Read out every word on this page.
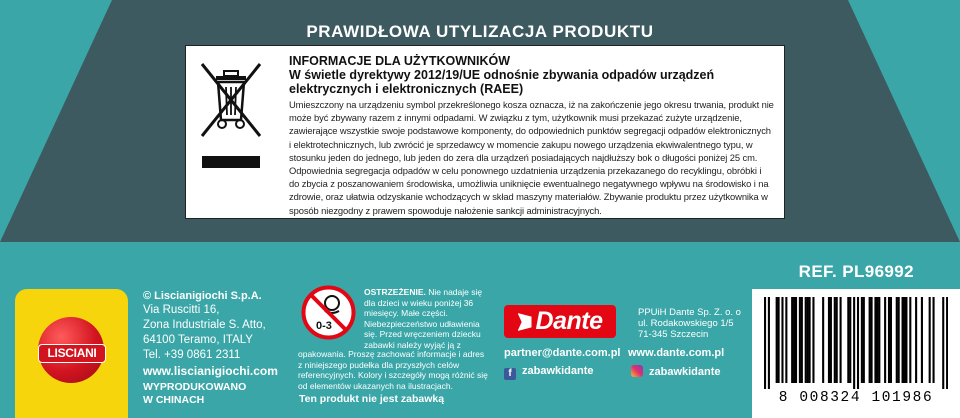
PRAWIDŁOWA UTYLIZACJA PRODUKTU
INFORMACJE DLA UŻYTKOWNIKÓW
W świetle dyrektywy 2012/19/UE odnośnie zbywania odpadów urządzeń elektrycznych i elektronicznych (RAEE)
Umieszczony na urządzeniu symbol przekreślonego kosza oznacza, iż na zakończenie jego okresu trwania, produkt nie może być zbywany razem z innymi odpadami. W związku z tym, użytkownik musi przekazać zużyte urządzenie, zawierające wszystkie swoje podstawowe komponenty, do odpowiednich punktów segregacji odpadów elektronicznych i elektrotechnicznych, lub zwrócić je sprzedawcy w momencie zakupu nowego urządzenia ekwiwalentnego typu, w stosunku jeden do jednego, lub jeden do zera dla urządzeń posiadających najdłuższy bok o długości poniżej 25 cm. Odpowiednia segregacja odpadów w celu ponownego uzdatnienia urządzenia przekazanego do recyklingu, obróbki i do zbycia z poszanowaniem środowiska, umożliwia uniknięcie ewentualnego negatywnego wpływu na środowisko i na zdrowie, oraz ułatwia odzyskanie wchodzących w skład maszyny materiałów. Zbywanie produktu przez użytkownika w sposób niezgodny z prawem spowoduje nałożenie sankcji administracyjnych.
REF. PL96992
LISCIANI
© Liscianigiochi S.p.A.
Via Ruscitti 16,
Zona Industriale S. Atto,
64100 Teramo, ITALY
Tel. +39 0861 2311
www.liscianigiochi.com
WYPRODUKOWANO
W CHINACH
0-3
OSTRZEŻENIE. Nie nadaje się dla dzieci w wieku poniżej 36 miesięcy. Małe części. Niebezpieczeństwo udławienia się. Przed wręczeniem dziecku zabawki należy wyjąć ją z
opakowania. Proszę zachować informacje i adres z niniejszego pudełka dla przyszłych celów referencyjnych. Kolory i szczegóły mogą różnić się od elementów ukazanych na ilustracjach.
Ten produkt nie jest zabawką
Dante	PPUiH Dante Sp. Z. o. o
ul. Rodakowskiego 1/5
71-345 Szczecin
partner@dante.com.pl www.dante.com.pl
f zabawkidante	zabawkidante
8 008324 101986
